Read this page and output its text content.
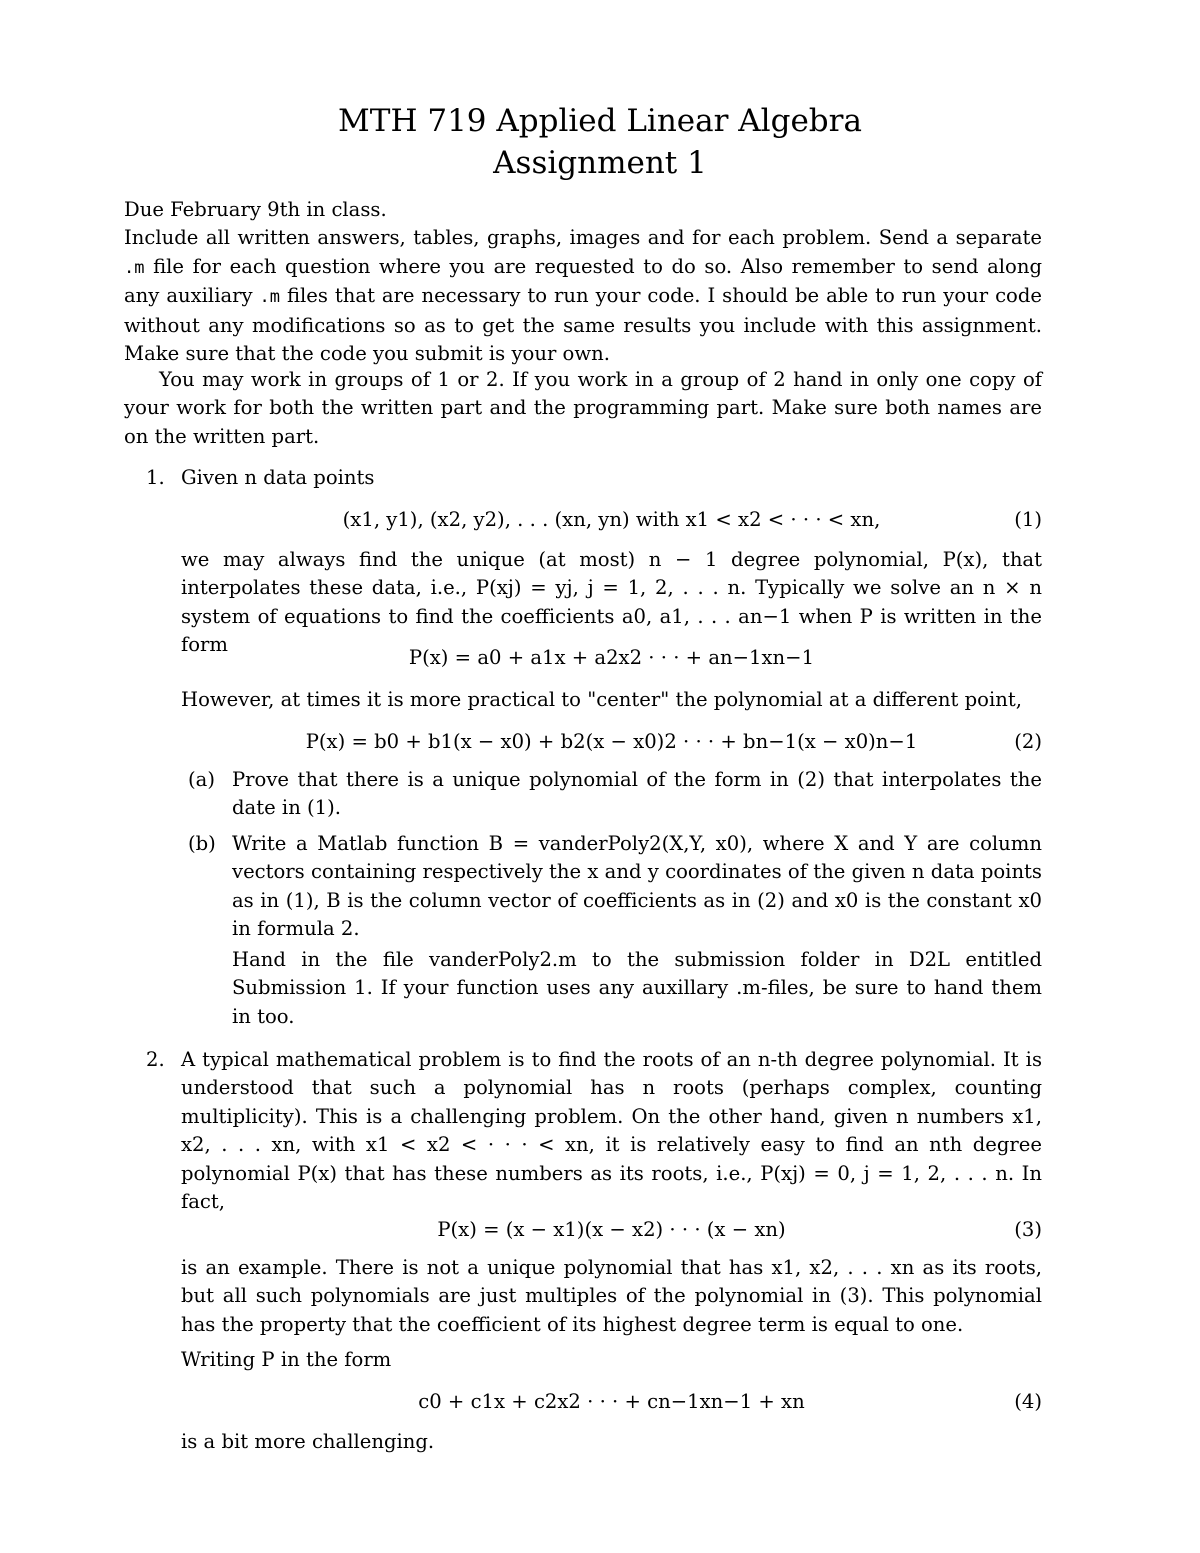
MTH 719 Applied Linear Algebra
Assignment 1
Due February 9th in class.
Include all written answers, tables, graphs, images and for each problem. Send a separate .m file for each question where you are requested to do so. Also remember to send along any auxiliary .m files that are necessary to run your code. I should be able to run your code without any modifications so as to get the same results you include with this assignment. Make sure that the code you submit is your own.
You may work in groups of 1 or 2. If you work in a group of 2 hand in only one copy of your work for both the written part and the programming part. Make sure both names are on the written part.
1. Given n data points
(x1, y1), (x2, y2), . . . (xn, yn) with x1 < x2 < · · · < xn,	(1)
we may always find the unique (at most) n − 1 degree polynomial, P(x), that interpolates these data, i.e., P(xj) = yj, j = 1, 2, . . . n. Typically we solve an n × n system of equations to find the coefficients a0, a1, . . . an−1 when P is written in the form
P(x) = a0 + a1x + a2x2 · · · + an−1xn−1
However, at times it is more practical to "center" the polynomial at a different point,
P(x) = b0 + b1(x − x0) + b2(x − x0)2 · · · + bn−1(x − x0)n−1	(2)
(a) Prove that there is a unique polynomial of the form in (2) that interpolates the date in (1).
(b) Write a Matlab function B = vanderPoly2(X,Y, x0), where X and Y are column vectors containing respectively the x and y coordinates of the given n data points as in (1), B is the column vector of coefficients as in (2) and x0 is the constant x0 in formula 2.
Hand in the file vanderPoly2.m to the submission folder in D2L entitled Submission 1. If your function uses any auxillary .m-files, be sure to hand them in too.
2. A typical mathematical problem is to find the roots of an n-th degree polynomial. It is understood that such a polynomial has n roots (perhaps complex, counting multiplicity). This is a challenging problem. On the other hand, given n numbers x1, x2, . . . xn, with x1 < x2 < · · · < xn, it is relatively easy to find an nth degree polynomial P(x) that has these numbers as its roots, i.e., P(xj) = 0, j = 1, 2, . . . n. In fact,
P(x) = (x − x1)(x − x2) · · · (x − xn)	(3)
is an example. There is not a unique polynomial that has x1, x2, . . . xn as its roots, but all such polynomials are just multiples of the polynomial in (3). This polynomial has the property that the coefficient of its highest degree term is equal to one.
Writing P in the form
c0 + c1x + c2x2 · · · + cn−1xn−1 + xn	(4)
is a bit more challenging.
